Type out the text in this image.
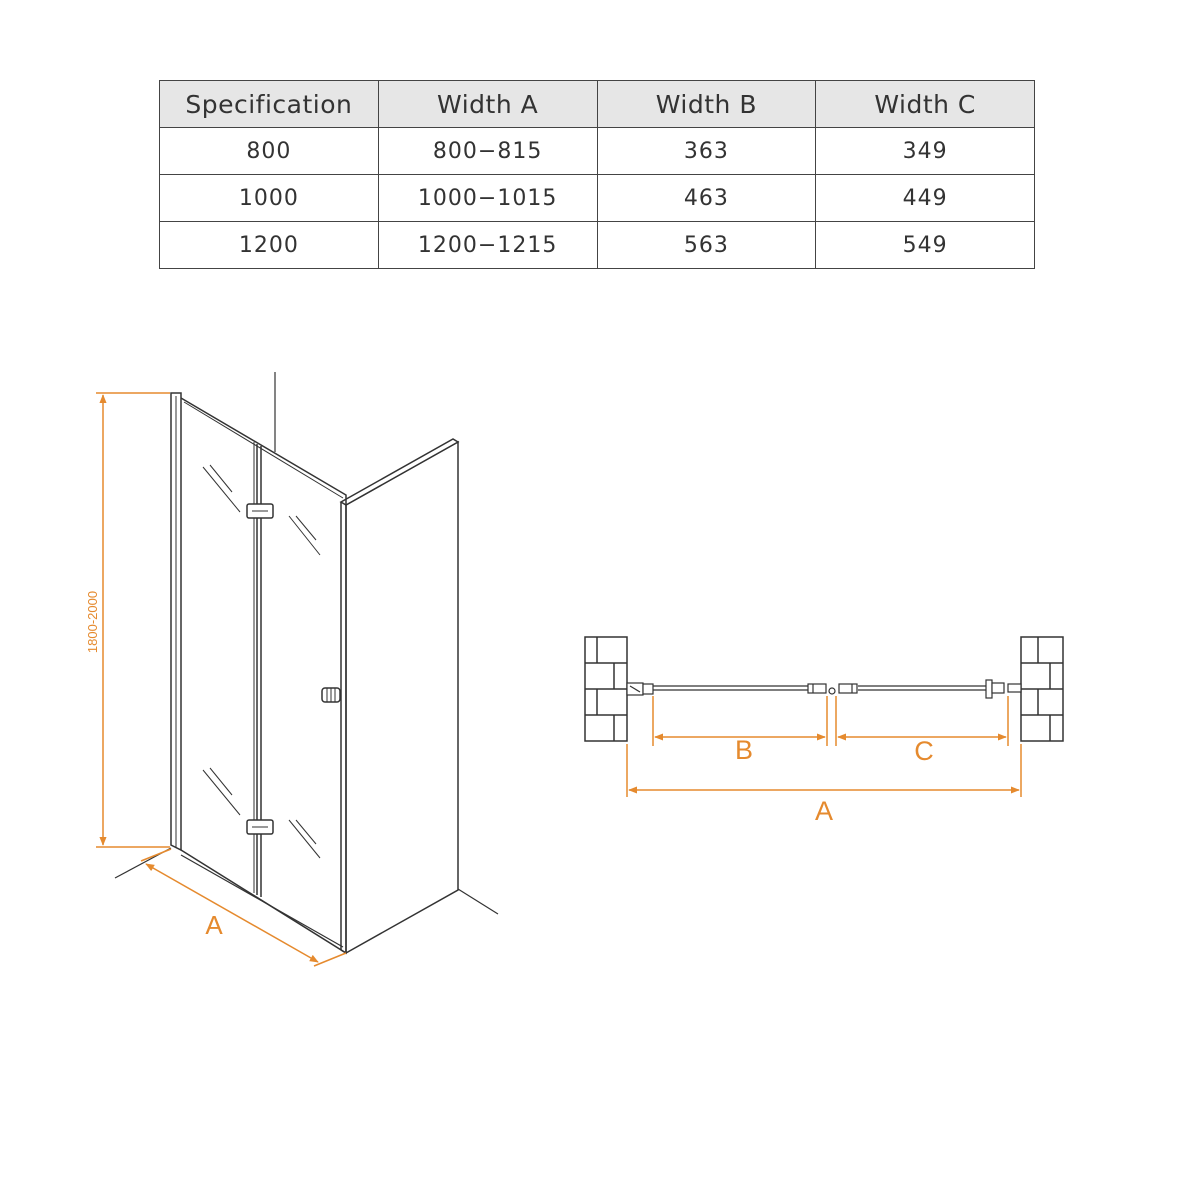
Specification	Width A	Width B	Width C
800	800−815	363	349
1000	1000−1015	463	449
1200	1200−1215	563	549
1800-2000
A
B	C
A
